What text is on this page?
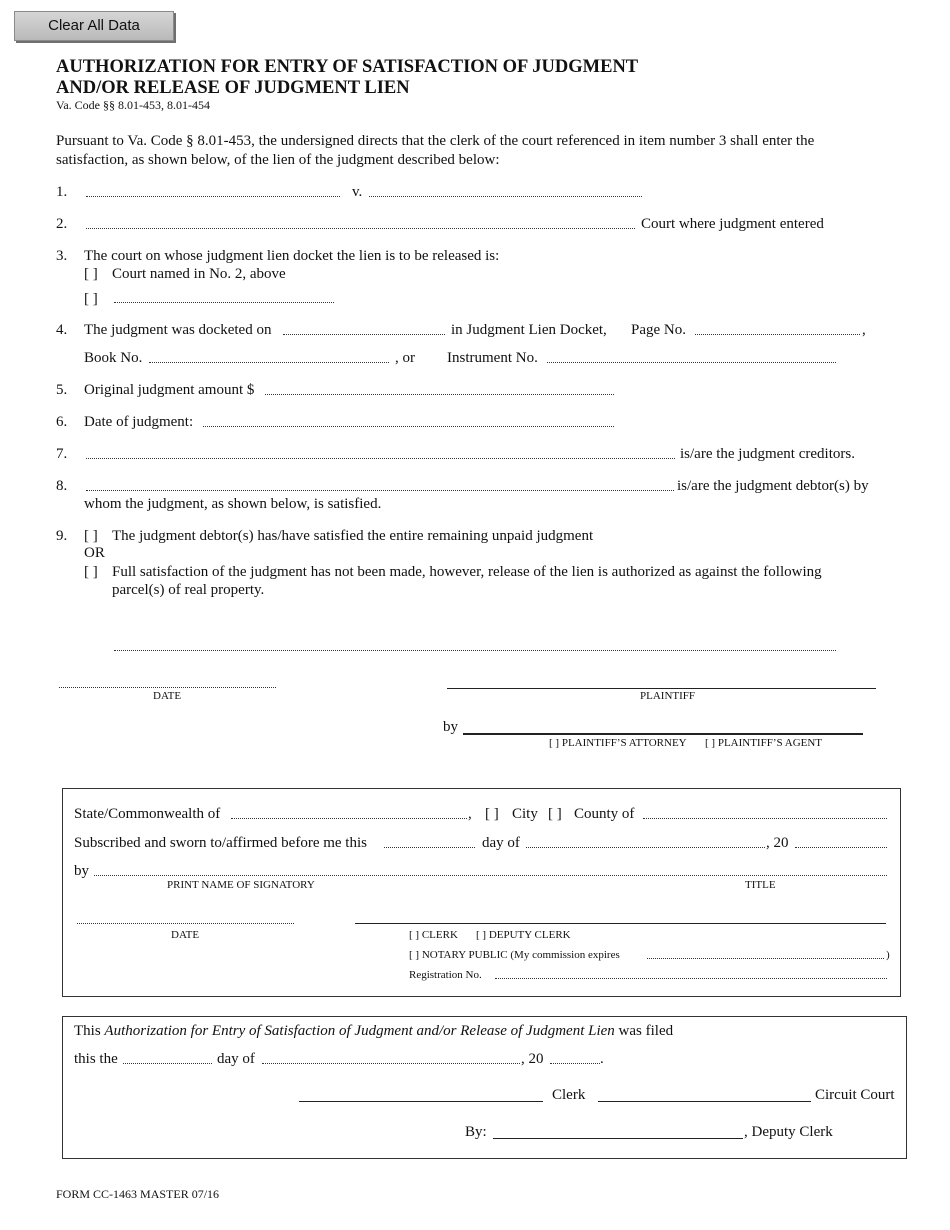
Clear All Data
AUTHORIZATION FOR ENTRY OF SATISFACTION OF JUDGMENT
AND/OR RELEASE OF JUDGMENT LIEN
Va. Code §§ 8.01-453, 8.01-454
Pursuant to Va. Code § 8.01-453, the undersigned directs that the clerk of the court referenced in item number 3 shall enter the
satisfaction, as shown below, of the lien of the judgment described below:
1.	v.
2.	Court where judgment entered
3. The court on whose judgment lien docket the lien is to be released is:
[ ] Court named in No. 2, above
[ ]
4. The judgment was docketed on	in Judgment Lien Docket, Page No.	,
Book No.	, or Instrument No.
5. Original judgment amount $
6. Date of judgment:
7.	is/are the judgment creditors.
8.	is/are the judgment debtor(s) by
whom the judgment, as shown below, is satisfied.
9. [ ] The judgment debtor(s) has/have satisfied the entire remaining unpaid judgment
OR
[ ] Full satisfaction of the judgment has not been made, however, release of the lien is authorized as against the following
parcel(s) of real property.
DATE	PLAINTIFF
by
[ ] PLAINTIFF’S ATTORNEY [ ] PLAINTIFF’S AGENT
State/Commonwealth of	, [ ] City [ ] County of
Subscribed and sworn to/affirmed before me this	day of	, 20
by
PRINT NAME OF SIGNATORY	TITLE
DATE	[ ] CLERK [ ] DEPUTY CLERK
[ ] NOTARY PUBLIC (My commission expires	)
Registration No.
This Authorization for Entry of Satisfaction of Judgment and/or Release of Judgment Lien was filed
this the	day of	, 20	.
Clerk	Circuit Court
By:	, Deputy Clerk
FORM CC-1463 MASTER 07/16
